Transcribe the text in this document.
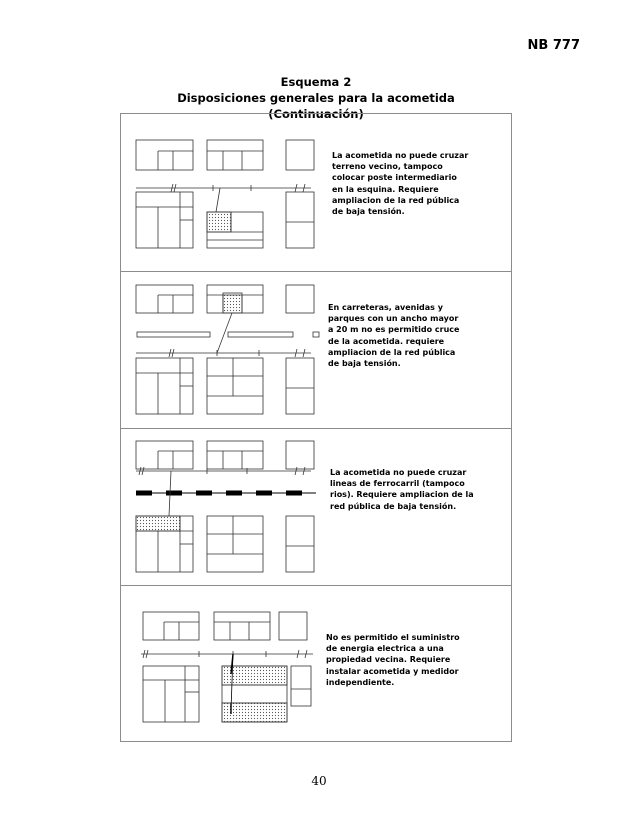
NB 777
Esquema 2
Disposiciones generales para la acometida
(Continuación)
La acometida no puede cruzar
terreno vecino, tampoco
colocar poste intermediario
en la esquina. Requiere
ampliacion de la red pública
de baja tensión.
En carreteras, avenidas y
parques con un ancho mayor
a 20 m no es permitido cruce
de la acometida. requiere
ampliacion de la red pública
de baja tensión.
La acometida no puede cruzar
lineas de ferrocarril (tampoco
rios). Requiere ampliacion de la
red pública de baja tensión.
No es permitido el suministro
de energia electrica a una
propiedad vecina. Requiere
instalar acometida y medidor
independiente.
40
